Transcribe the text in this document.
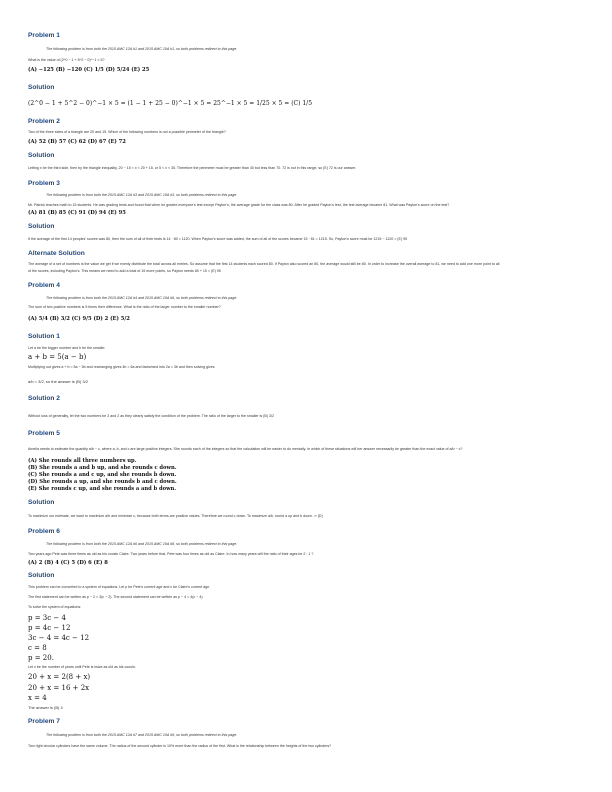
Problem 1
The following problem is from both the 2015 AMC 12A #1 and 2015 AMC 10A #1, so both problems redirect to this page.
What is the value of (2^0 − 1 + 5^2 − 0)^−1 × 5?
(A) −125 (B) −120 (C) 1/5 (D) 5/24 (E) 25
Solution
(2^0 − 1 + 5^2 − 0)^−1 × 5 = (1 − 1 + 25 − 0)^−1 × 5 = 25^−1 × 5 = 1/25 × 5 = (C) 1/5
Problem 2
Two of the three sides of a triangle are 20 and 15. Which of the following numbers is not a possible perimeter of the triangle?
(A) 52 (B) 57 (C) 62 (D) 67 (E) 72
Solution
Letting x be the third side, then by the triangle inequality, 20 − 15 < x < 20 + 15, or 5 < x < 35. Therefore the perimeter must be greater than 40 but less than 70. 72 is not in this range, so (E) 72 is our answer.
Problem 3
The following problem is from both the 2015 AMC 12A #3 and 2015 AMC 10A #3, so both problems redirect to this page.
Mr. Patrick teaches math to 15 students. He was grading tests and found that when he graded everyone's test except Payton's, the average grade for the class was 80. After he graded Payton's test, the test average became 81. What was Payton's score on the test?
(A) 81 (B) 85 (C) 91 (D) 94 (E) 95
Solution
If the average of the first 14 peoples' scores was 80, then the sum of all of their tests is 14 · 80 = 1120. When Payton's score was added, the sum of all of the scores became 15 · 81 = 1215. So, Payton's score must be 1215 − 1120 = (E) 95
Alternate Solution
The average of a set of numbers is the value we get if we evenly distribute the total across all entries. So assume that the first 14 students each scored 80. If Payton also scored an 80, the average would still be 80. In order to increase the overall average to 81, we need to add one more point to all
of the scores, including Payton's. This means we need to add a total of 15 more points, so Payton needs 80 + 15 = (E) 95
Problem 4
The following problem is from both the 2015 AMC 12A #4 and 2015 AMC 10A #6, so both problems redirect to this page.
The sum of two positive numbers is 5 times their difference. What is the ratio of the larger number to the smaller number?
(A) 5/4 (B) 3/2 (C) 9/5 (D) 2 (E) 5/2
Solution 1
Let a be the bigger number and b be the smaller.
a + b = 5(a − b)
Multiplying out gives a + b = 5a − 5b and rearranging gives 4b = 6a and factorised into 2a = 3b and then solving gives
a/b = 3/2, so the answer is (B) 3/2
Solution 2
Without loss of generality, let the two numbers be 3 and 2 as they clearly satisfy the condition of the problem. The ratio of the larger to the smaller is (B) 3/2
Problem 5
Amelia needs to estimate the quantity a/b − c, where a, b, and c are large positive integers. She rounds each of the integers so that the calculation will be easier to do mentally. In which of these situations will her answer necessarily be greater than the exact value of a/b − c?
(A) She rounds all three numbers up.
(B) She rounds a and b up, and she rounds c down.
(C) She rounds a and c up, and she rounds b down.
(D) She rounds a up, and she rounds b and c down.
(E) She rounds c up, and she rounds a and b down.
Solution
To maximize our estimate, we want to maximize a/b and minimize c, because both terms are positive values. Therefore we round c down. To maximize a/b, round a up and b down. ⇒ (D)
Problem 6
The following problem is from both the 2015 AMC 12A #6 and 2015 AMC 10A #8, so both problems redirect to this page.
Two years ago Pete was three times as old as his cousin Claire. Two years before that, Pete was four times as old as Claire. In how many years will the ratio of their ages be 2 : 1 ?
(A) 2 (B) 4 (C) 5 (D) 6 (E) 8
Solution
This problem can be converted to a system of equations. Let p be Pete's current age and c be Claire's current age.
The first statement can be written as p − 2 = 3(c − 2). The second statement can be written as p − 4 = 4(c − 4)
To solve the system of equations:
p = 3c − 4
p = 4c − 12
3c − 4 = 4c − 12
c = 8
p = 20.
Let x be the number of years until Pete is twice as old as his cousin.
20 + x = 2(8 + x)
20 + x = 16 + 2x
x = 4
The answer is (B) 4
Problem 7
The following problem is from both the 2015 AMC 12A #7 and 2015 AMC 10A #9, so both problems redirect to this page.
Two right circular cylinders have the same volume. The radius of the second cylinder is 10% more than the radius of the first. What is the relationship between the heights of the two cylinders?
